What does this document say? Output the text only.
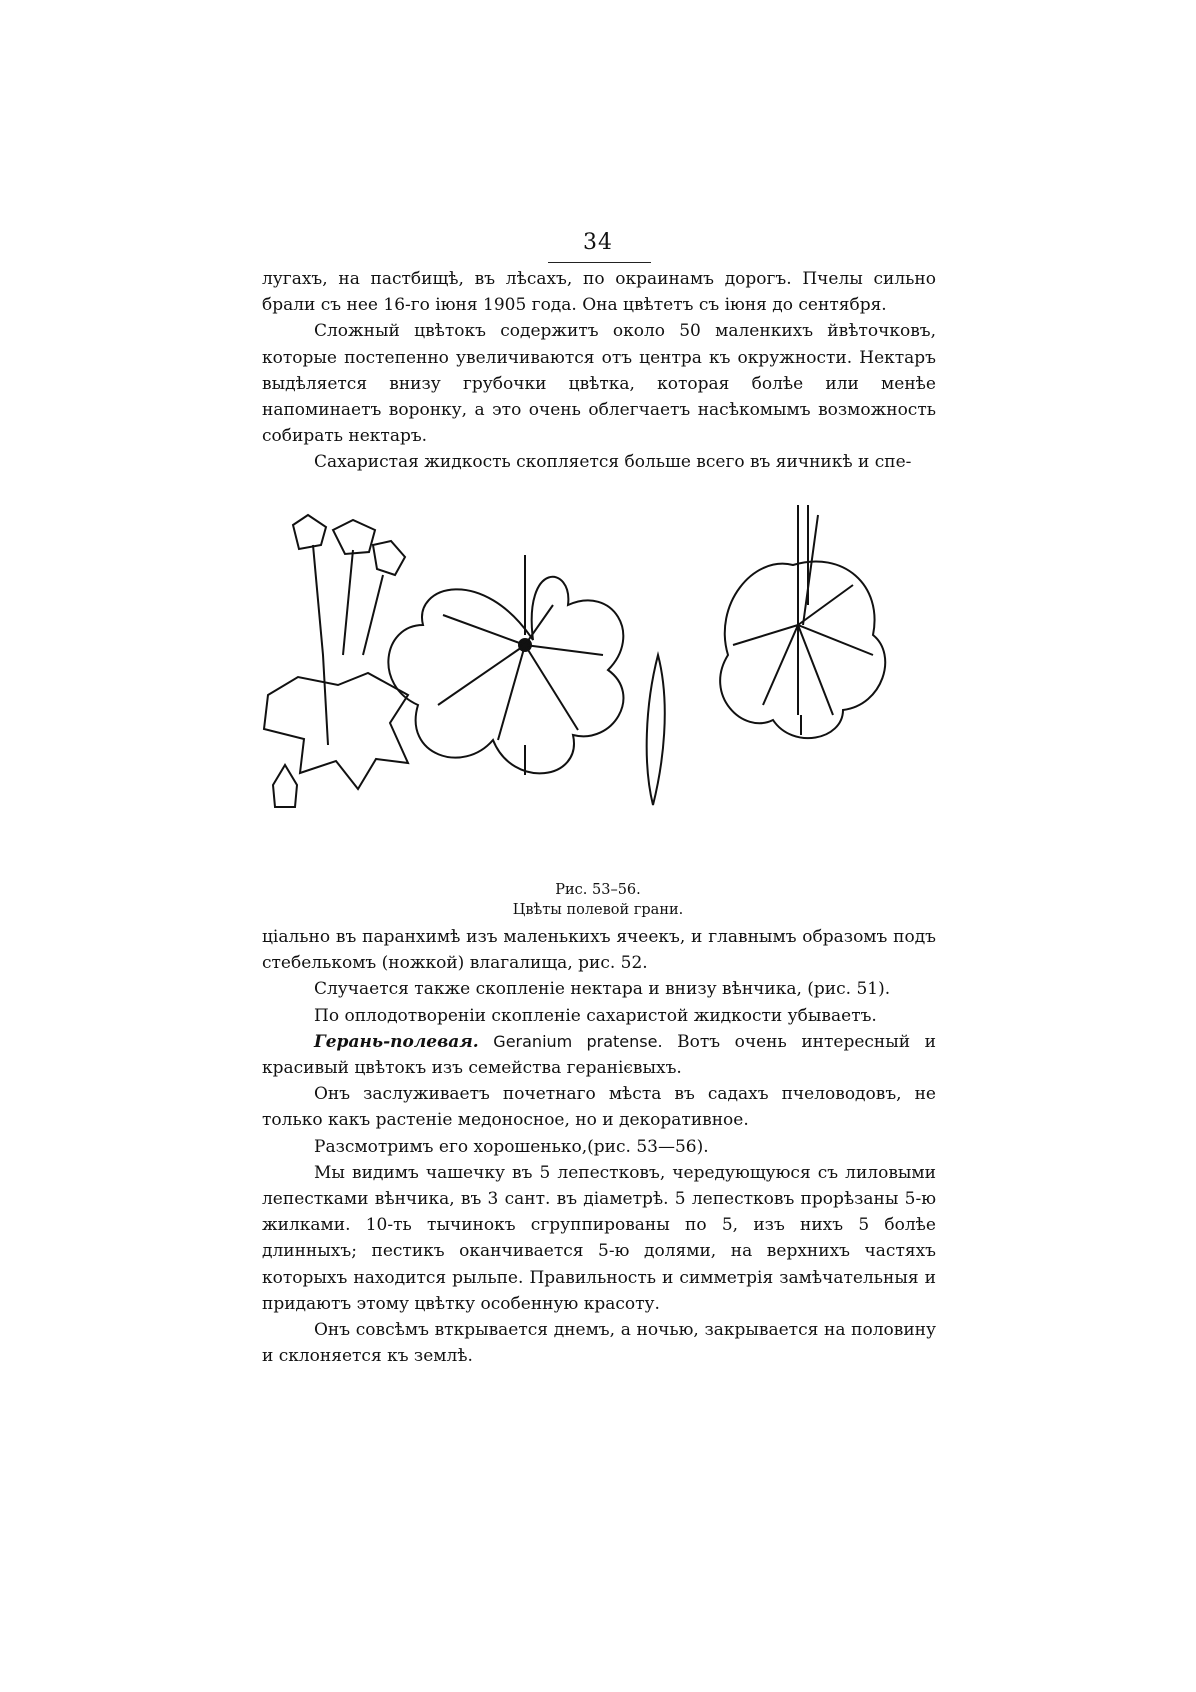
34

лугахъ, на пастбищѣ, въ лѣсахъ, по окраинамъ дорогъ. Пчелы сильно брали съ нее 16-го іюня 1905 года. Она цвѣтетъ съ іюня до сентября.

Сложный цвѣтокъ содержитъ около 50 маленкихъ йвѣточковъ, которые постепенно увеличиваются отъ центра къ окружности. Нектаръ выдѣляется внизу грубочки цвѣтка, которая болѣе или менѣе напоминаетъ воронку, а это очень облегчаетъ насѣкомымъ возможность собирать нектаръ.

Сахаристая жидкость скопляется больше всего въ яичникѣ и спе-

Рис. 53–56.
Цвѣты полевой грани.

ціально въ паранхимѣ изъ маленькихъ ячеекъ, и главнымъ образомъ подъ стебелькомъ (ножкой) влагалища, рис. 52.

Случается также скопленіе нектара и внизу вѣнчика, (рис. 51).

По оплодотвореніи скопленіе сахаристой жидкости убываетъ.

Герань-полевая. Geranium pratense. Вотъ очень интересный и красивый цвѣтокъ изъ семейства геранієвыхъ.

Онъ заслуживаетъ почетнаго мѣста въ садахъ пчеловодовъ, не только какъ растеніе медоносное, но и декоративное.

Разсмотримъ его хорошенько,(рис. 53—56).

Мы видимъ чашечку въ 5 лепестковъ, чередующуюся съ лиловыми лепестками вѣнчика, въ 3 сант. въ діаметрѣ. 5 лепестковъ прорѣзаны 5-ю жилками. 10-ть тычинокъ сгруппированы по 5, изъ нихъ 5 болѣе длинныхъ; пестикъ оканчивается 5-ю долями, на верхнихъ частяхъ которыхъ находится рыльпе. Правильность и симметрія замѣчательныя и придаютъ этому цвѣтку особенную красоту.

Онъ совсѣмъ вткрывается днемъ, а ночью, закрывается на половину и склоняется къ землѣ.
